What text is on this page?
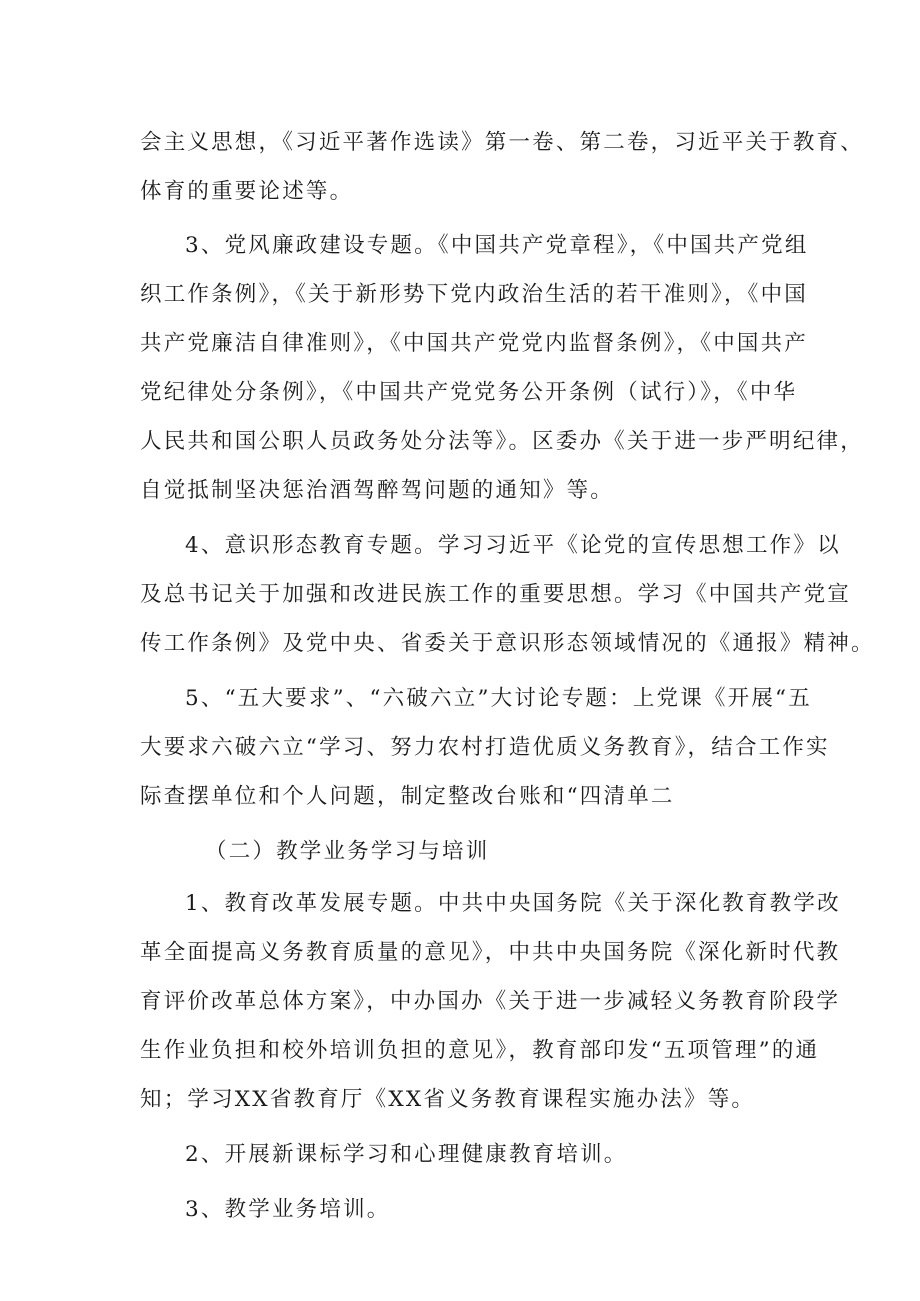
会主义思想，《习近平著作选读》第一卷、第二卷，习近平关于教育、
体育的重要论述等。
3、党风廉政建设专题。《中国共产党章程》，《中国共产党组
织工作条例》，《关于新形势下党内政治生活的若干准则》，《中国
共产党廉洁自律准则》，《中国共产党党内监督条例》，《中国共产
党纪律处分条例》，《中国共产党党务公开条例（试行）》，《中华
人民共和国公职人员政务处分法等》。区委办《关于进一步严明纪律，
自觉抵制坚决惩治酒驾醉驾问题的通知》等。
4、意识形态教育专题。学习习近平《论党的宣传思想工作》以
及总书记关于加强和改进民族工作的重要思想。学习《中国共产党宣
传工作条例》及党中央、省委关于意识形态领域情况的《通报》精神。
5、“五大要求”、“六破六立”大讨论专题：上党课《开展“五
大要求六破六立“学习、努力农村打造优质义务教育》，结合工作实
际查摆单位和个人问题，制定整改台账和“四清单二
（二）教学业务学习与培训
1、教育改革发展专题。中共中央国务院《关于深化教育教学改
革全面提高义务教育质量的意见》，中共中央国务院《深化新时代教
育评价改革总体方案》，中办国办《关于进一步减轻义务教育阶段学
生作业负担和校外培训负担的意见》，教育部印发“五项管理”的通
知；学习XX省教育厅《XX省义务教育课程实施办法》等。
2、开展新课标学习和心理健康教育培训。
3、教学业务培训。
